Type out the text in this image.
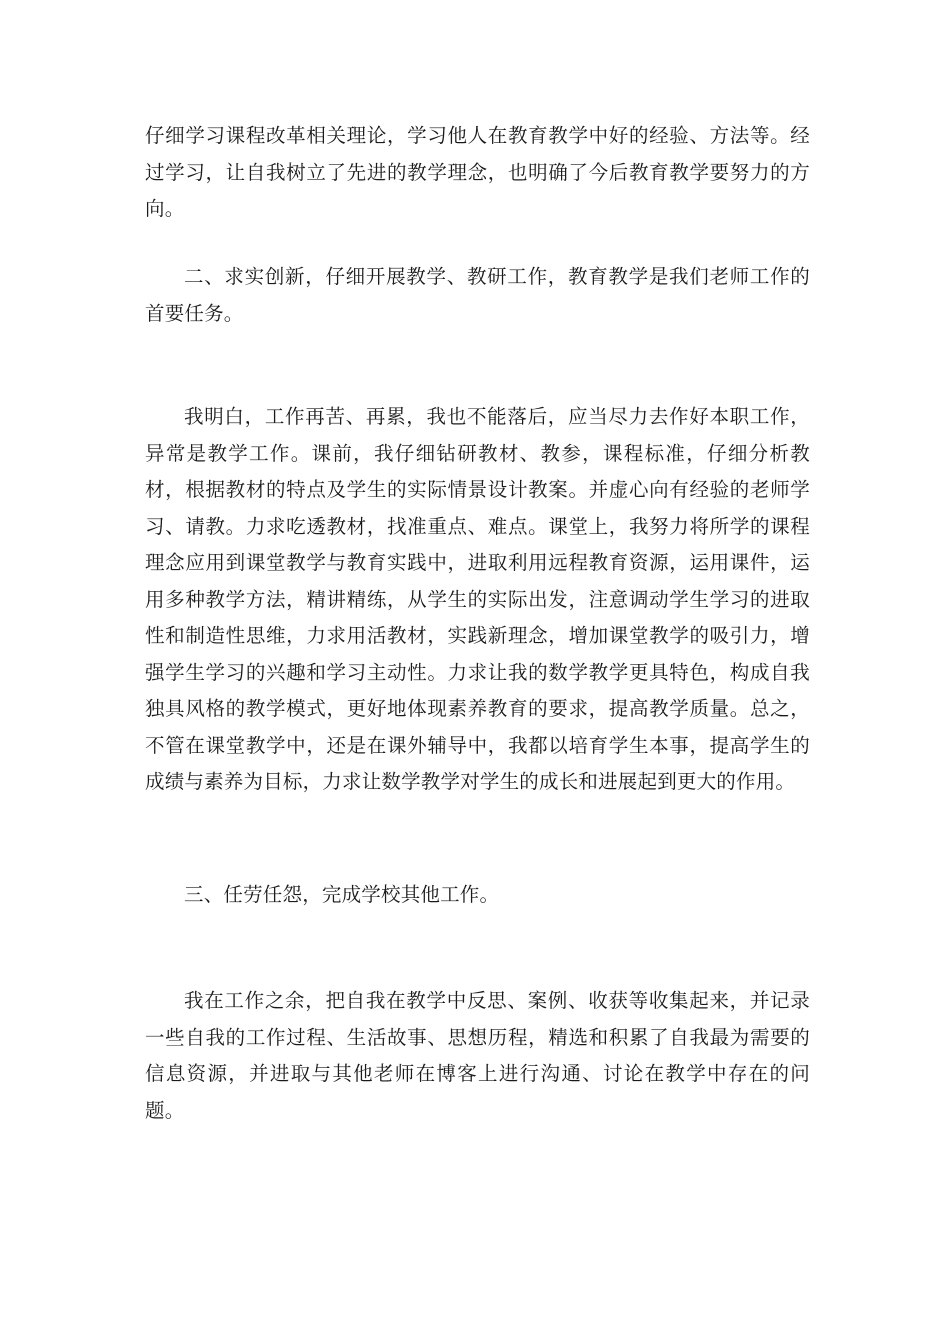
仔细学习课程改革相关理论，学习他人在教育教学中好的经验、方法等。经过学习，让自我树立了先进的教学理念，也明确了今后教育教学要努力的方向。

二、求实创新，仔细开展教学、教研工作，教育教学是我们老师工作的首要任务。

我明白，工作再苦、再累，我也不能落后，应当尽力去作好本职工作，异常是教学工作。课前，我仔细钻研教材、教参，课程标准，仔细分析教材，根据教材的特点及学生的实际情景设计教案。并虚心向有经验的老师学习、请教。力求吃透教材，找准重点、难点。课堂上，我努力将所学的课程理念应用到课堂教学与教育实践中，进取利用远程教育资源，运用课件，运用多种教学方法，精讲精练，从学生的实际出发，注意调动学生学习的进取性和制造性思维，力求用活教材，实践新理念，增加课堂教学的吸引力，增强学生学习的兴趣和学习主动性。力求让我的数学教学更具特色，构成自我独具风格的教学模式，更好地体现素养教育的要求，提高教学质量。总之，不管在课堂教学中，还是在课外辅导中，我都以培育学生本事，提高学生的成绩与素养为目标，力求让数学教学对学生的成长和进展起到更大的作用。

三、任劳任怨，完成学校其他工作。

我在工作之余，把自我在教学中反思、案例、收获等收集起来，并记录一些自我的工作过程、生活故事、思想历程，精选和积累了自我最为需要的信息资源，并进取与其他老师在博客上进行沟通、讨论在教学中存在的问题。
